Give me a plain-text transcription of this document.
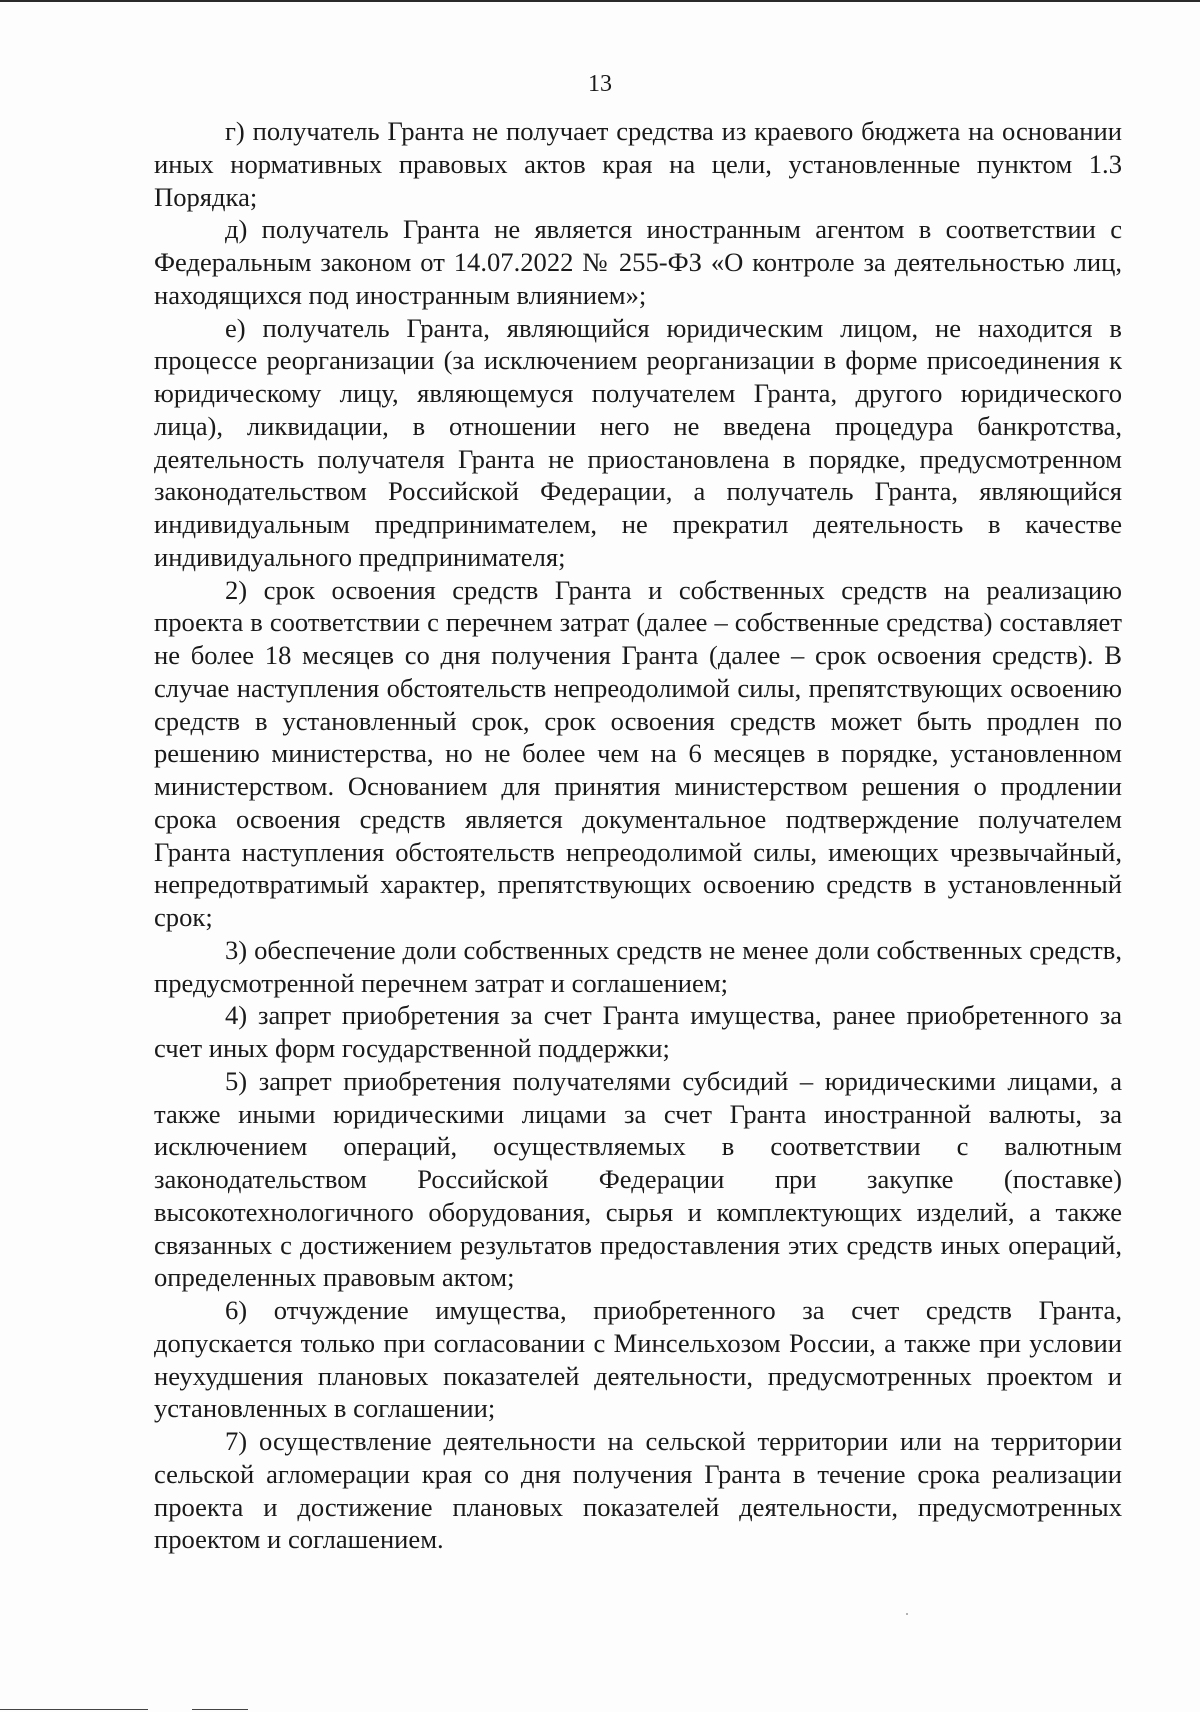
13

г) получатель Гранта не получает средства из краевого бюджета на основании иных нормативных правовых актов края на цели, установленные пунктом 1.3 Порядка;

д) получатель Гранта не является иностранным агентом в соответствии с Федеральным законом от 14.07.2022 № 255-ФЗ «О контроле за деятельностью лиц, находящихся под иностранным влиянием»;

е) получатель Гранта, являющийся юридическим лицом, не находится в процессе реорганизации (за исключением реорганизации в форме присоединения к юридическому лицу, являющемуся получателем Гранта, другого юридического лица), ликвидации, в отношении него не введена процедура банкротства, деятельность получателя Гранта не приостановлена в порядке, предусмотренном законодательством Российской Федерации, а получатель Гранта, являющийся индивидуальным предпринимателем, не прекратил деятельность в качестве индивидуального предпринимателя;

2) срок освоения средств Гранта и собственных средств на реализацию проекта в соответствии с перечнем затрат (далее – собственные средства) составляет не более 18 месяцев со дня получения Гранта (далее – срок освоения средств). В случае наступления обстоятельств непреодолимой силы, препятствующих освоению средств в установленный срок, срок освоения средств может быть продлен по решению министерства, но не более чем на 6 месяцев в порядке, установленном министерством. Основанием для принятия министерством решения о продлении срока освоения средств является документальное подтверждение получателем Гранта наступления обстоятельств непреодолимой силы, имеющих чрезвычайный, непредотвратимый характер, препятствующих освоению средств в установленный срок;

3) обеспечение доли собственных средств не менее доли собственных средств, предусмотренной перечнем затрат и соглашением;

4) запрет приобретения за счет Гранта имущества, ранее приобретенного за счет иных форм государственной поддержки;

5) запрет приобретения получателями субсидий – юридическими лицами, а также иными юридическими лицами за счет Гранта иностранной валюты, за исключением операций, осуществляемых в соответствии с валютным законодательством Российской Федерации при закупке (поставке) высокотехнологичного оборудования, сырья и комплектующих изделий, а также связанных с достижением результатов предоставления этих средств иных операций, определенных правовым актом;

6) отчуждение имущества, приобретенного за счет средств Гранта, допускается только при согласовании с Минсельхозом России, а также при условии неухудшения плановых показателей деятельности, предусмотренных проектом и установленных в соглашении;

7) осуществление деятельности на сельской территории или на территории сельской агломерации края со дня получения Гранта в течение срока реализации проекта и достижение плановых показателей деятельности, предусмотренных проектом и соглашением.
